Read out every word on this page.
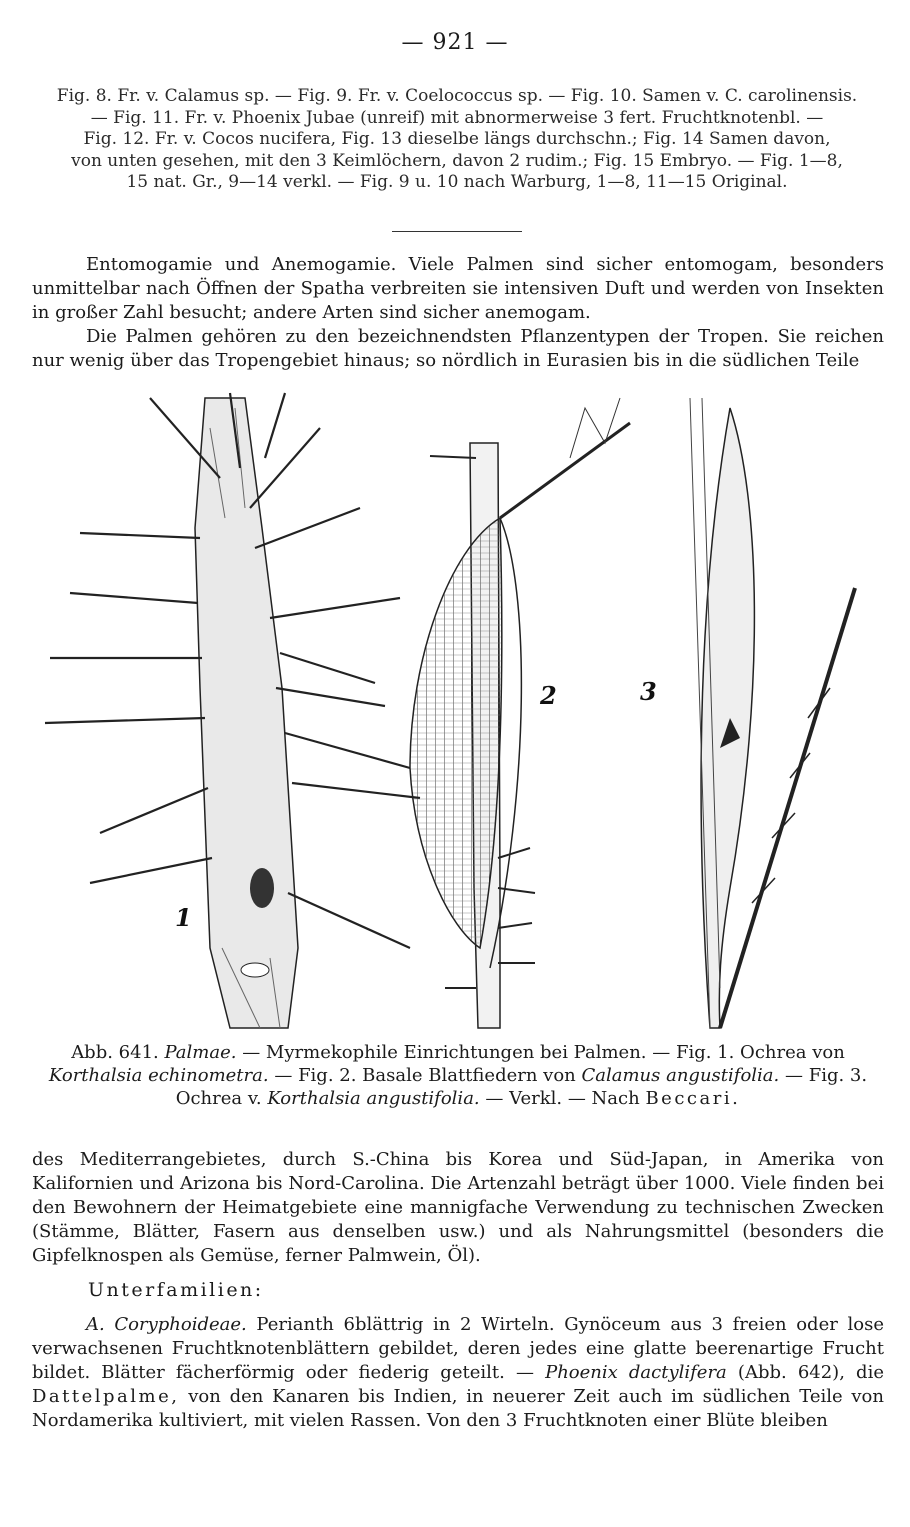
— 921 —

Fig. 8. Fr. v. Calamus sp. — Fig. 9. Fr. v. Coelococcus sp. — Fig. 10. Samen v. C. carolinensis.

— Fig. 11. Fr. v. Phoenix Jubae (unreif) mit abnormerweise 3 fert. Fruchtknotenbl. —

Fig. 12. Fr. v. Cocos nucifera, Fig. 13 dieselbe längs durchschn.; Fig. 14 Samen davon,

von unten gesehen, mit den 3 Keimlöchern, davon 2 rudim.; Fig. 15 Embryo. — Fig. 1—8,

15 nat. Gr., 9—14 verkl. — Fig. 9 u. 10 nach Warburg, 1—8, 11—15 Original.

Entomogamie und Anemogamie. Viele Palmen sind sicher entomogam, besonders unmittelbar nach Öffnen der Spatha verbreiten sie intensiven Duft und werden von Insekten in großer Zahl besucht; andere Arten sind sicher anemogam.

Die Palmen gehören zu den bezeichnendsten Pflanzentypen der Tropen. Sie reichen nur wenig über das Tropengebiet hinaus; so nördlich in Eurasien bis in die südlichen Teile

2	3
1
Abb. 641. Palmae. — Myrmekophile Einrichtungen bei Palmen. — Fig. 1. Ochrea von Korthalsia echinometra. — Fig. 2. Basale Blattfiedern von Calamus angustifolia. — Fig. 3. Ochrea v. Korthalsia angustifolia. — Verkl. — Nach Beccari.

des Mediterrangebietes, durch S.-China bis Korea und Süd-Japan, in Amerika von Kalifornien und Arizona bis Nord-Carolina. Die Artenzahl beträgt über 1000. Viele finden bei den Bewohnern der Heimatgebiete eine mannigfache Verwendung zu technischen Zwecken (Stämme, Blätter, Fasern aus denselben usw.) und als Nahrungsmittel (besonders die Gipfelknospen als Gemüse, ferner Palmwein, Öl).

Unterfamilien:

A. Coryphoideae. Perianth 6blättrig in 2 Wirteln. Gynöceum aus 3 freien oder lose verwachsenen Fruchtknotenblättern gebildet, deren jedes eine glatte beerenartige Frucht bildet. Blätter fächerförmig oder fiederig geteilt. — Phoenix dactylifera (Abb. 642), die Dattelpalme, von den Kanaren bis Indien, in neuerer Zeit auch im südlichen Teile von Nordamerika kultiviert, mit vielen Rassen. Von den 3 Fruchtknoten einer Blüte bleiben
